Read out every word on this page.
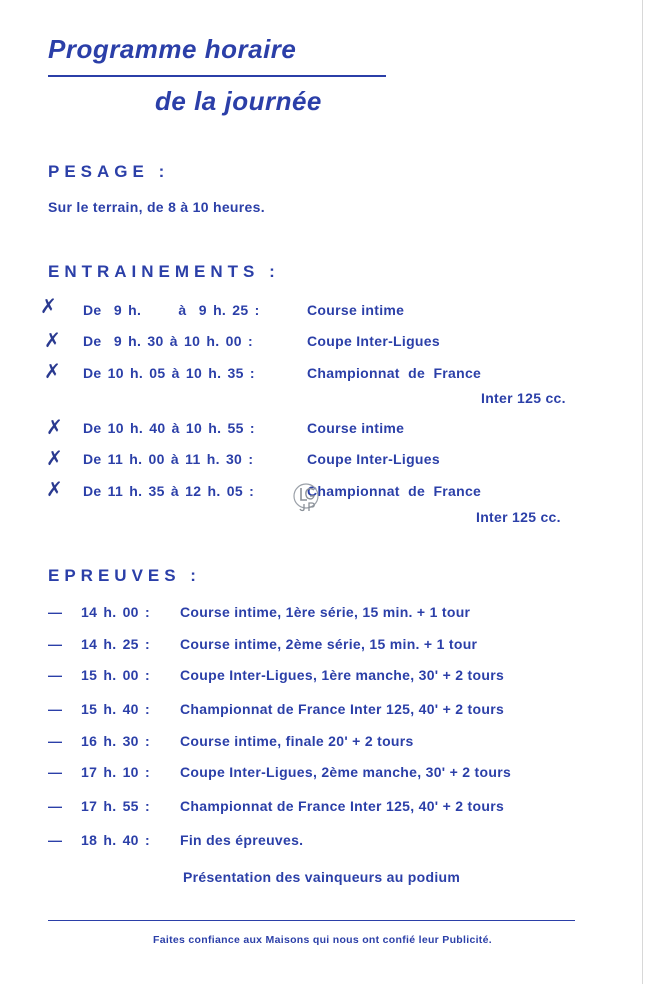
Programme horaire
de la journée
PESAGE :
Sur le terrain, de 8 à 10 heures.
ENTRAINEMENTS :
✗ De  9 h.      à  9 h. 25 :	Course intime
✗ De  9 h. 30 à 10 h. 00 :	Coupe Inter-Ligues
✗ De 10 h. 05 à 10 h. 35 :	Championnat  de  France
Inter 125 cc.
✗ De 10 h. 40 à 10 h. 55 :	Course intime
✗ De 11 h. 00 à 11 h. 30 :	Coupe Inter-Ligues
✗ De 11 h. 35 à 12 h. 05 :	Championnat  de  France
Inter 125 cc.
EPREUVES :
— 14 h. 00 : Course intime, 1ère série, 15 min. + 1 tour
— 14 h. 25 : Course intime, 2ème série, 15 min. + 1 tour
— 15 h. 00 : Coupe Inter-Ligues, 1ère manche, 30' + 2 tours
— 15 h. 40 : Championnat de France Inter 125, 40' + 2 tours
— 16 h. 30 : Course intime, finale 20' + 2 tours
— 17 h. 10 : Coupe Inter-Ligues, 2ème manche, 30' + 2 tours
— 17 h. 55 : Championnat de France Inter 125, 40' + 2 tours
— 18 h. 40 : Fin des épreuves.
Présentation des vainqueurs au podium
Faites confiance aux Maisons qui nous ont confié leur Publicité.
